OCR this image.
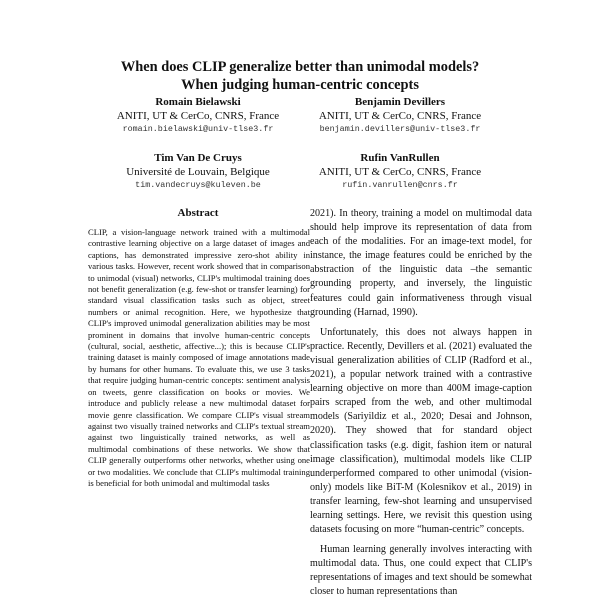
When does CLIP generalize better than unimodal models?
When judging human-centric concepts
Romain Bielawski
ANITI, UT & CerCo, CNRS, France
romain.bielawski@univ-tlse3.fr
Benjamin Devillers
ANITI, UT & CerCo, CNRS, France
benjamin.devillers@univ-tlse3.fr
Tim Van De Cruys
Université de Louvain, Belgique
tim.vandecruys@kuleven.be
Rufin VanRullen
ANITI, UT & CerCo, CNRS, France
rufin.vanrullen@cnrs.fr
Abstract

CLIP, a vision-language network trained with a multimodal contrastive learning objective on a large dataset of images and captions, has demonstrated impressive zero-shot ability in various tasks. However, recent work showed that in comparison to unimodal (visual) networks, CLIP's multimodal training does not benefit generalization (e.g. few-shot or transfer learning) for standard visual classification tasks such as object, street numbers or animal recognition. Here, we hypothesize that CLIP's improved unimodal generalization abilities may be most prominent in domains that involve human-centric concepts (cultural, social, aesthetic, affective...); this is because CLIP's training dataset is mainly composed of image annotations made by humans for other humans. To evaluate this, we use 3 tasks that require judging human-centric concepts: sentiment analysis on tweets, genre classification on books or movies. We introduce and publicly release a new multimodal dataset for movie genre classification. We compare CLIP's visual stream against two visually trained networks and CLIP's textual stream against two linguistically trained networks, as well as multimodal combinations of these networks. We show that CLIP generally outperforms other networks, whether using one or two modalities. We conclude that CLIP's multimodal training is beneficial for both unimodal and multimodal tasks

2021). In theory, training a model on multimodal data should help improve its representation of data from each of the modalities. For an image-text model, for instance, the image features could be enriched by the abstraction of the linguistic data –the semantic grounding property, and inversely, the linguistic features could gain informativeness through visual grounding (Harnad, 1990).

Unfortunately, this does not always happen in practice. Recently, Devillers et al. (2021) evaluated the visual generalization abilities of CLIP (Radford et al., 2021), a popular network trained with a contrastive learning objective on more than 400M image-caption pairs scraped from the web, and other multimodal models (Sariyildiz et al., 2020; Desai and Johnson, 2020). They showed that for standard object classification tasks (e.g. digit, fashion item or natural image classification), multimodal models like CLIP underperformed compared to other unimodal (vision-only) models like BiT-M (Kolesnikov et al., 2019) in transfer learning, few-shot learning and unsupervised learning settings. Here, we revisit this question using datasets focusing on more “human-centric” concepts.

Human learning generally involves interacting with multimodal data. Thus, one could expect that CLIP's representations of images and text should be somewhat closer to human representations than
